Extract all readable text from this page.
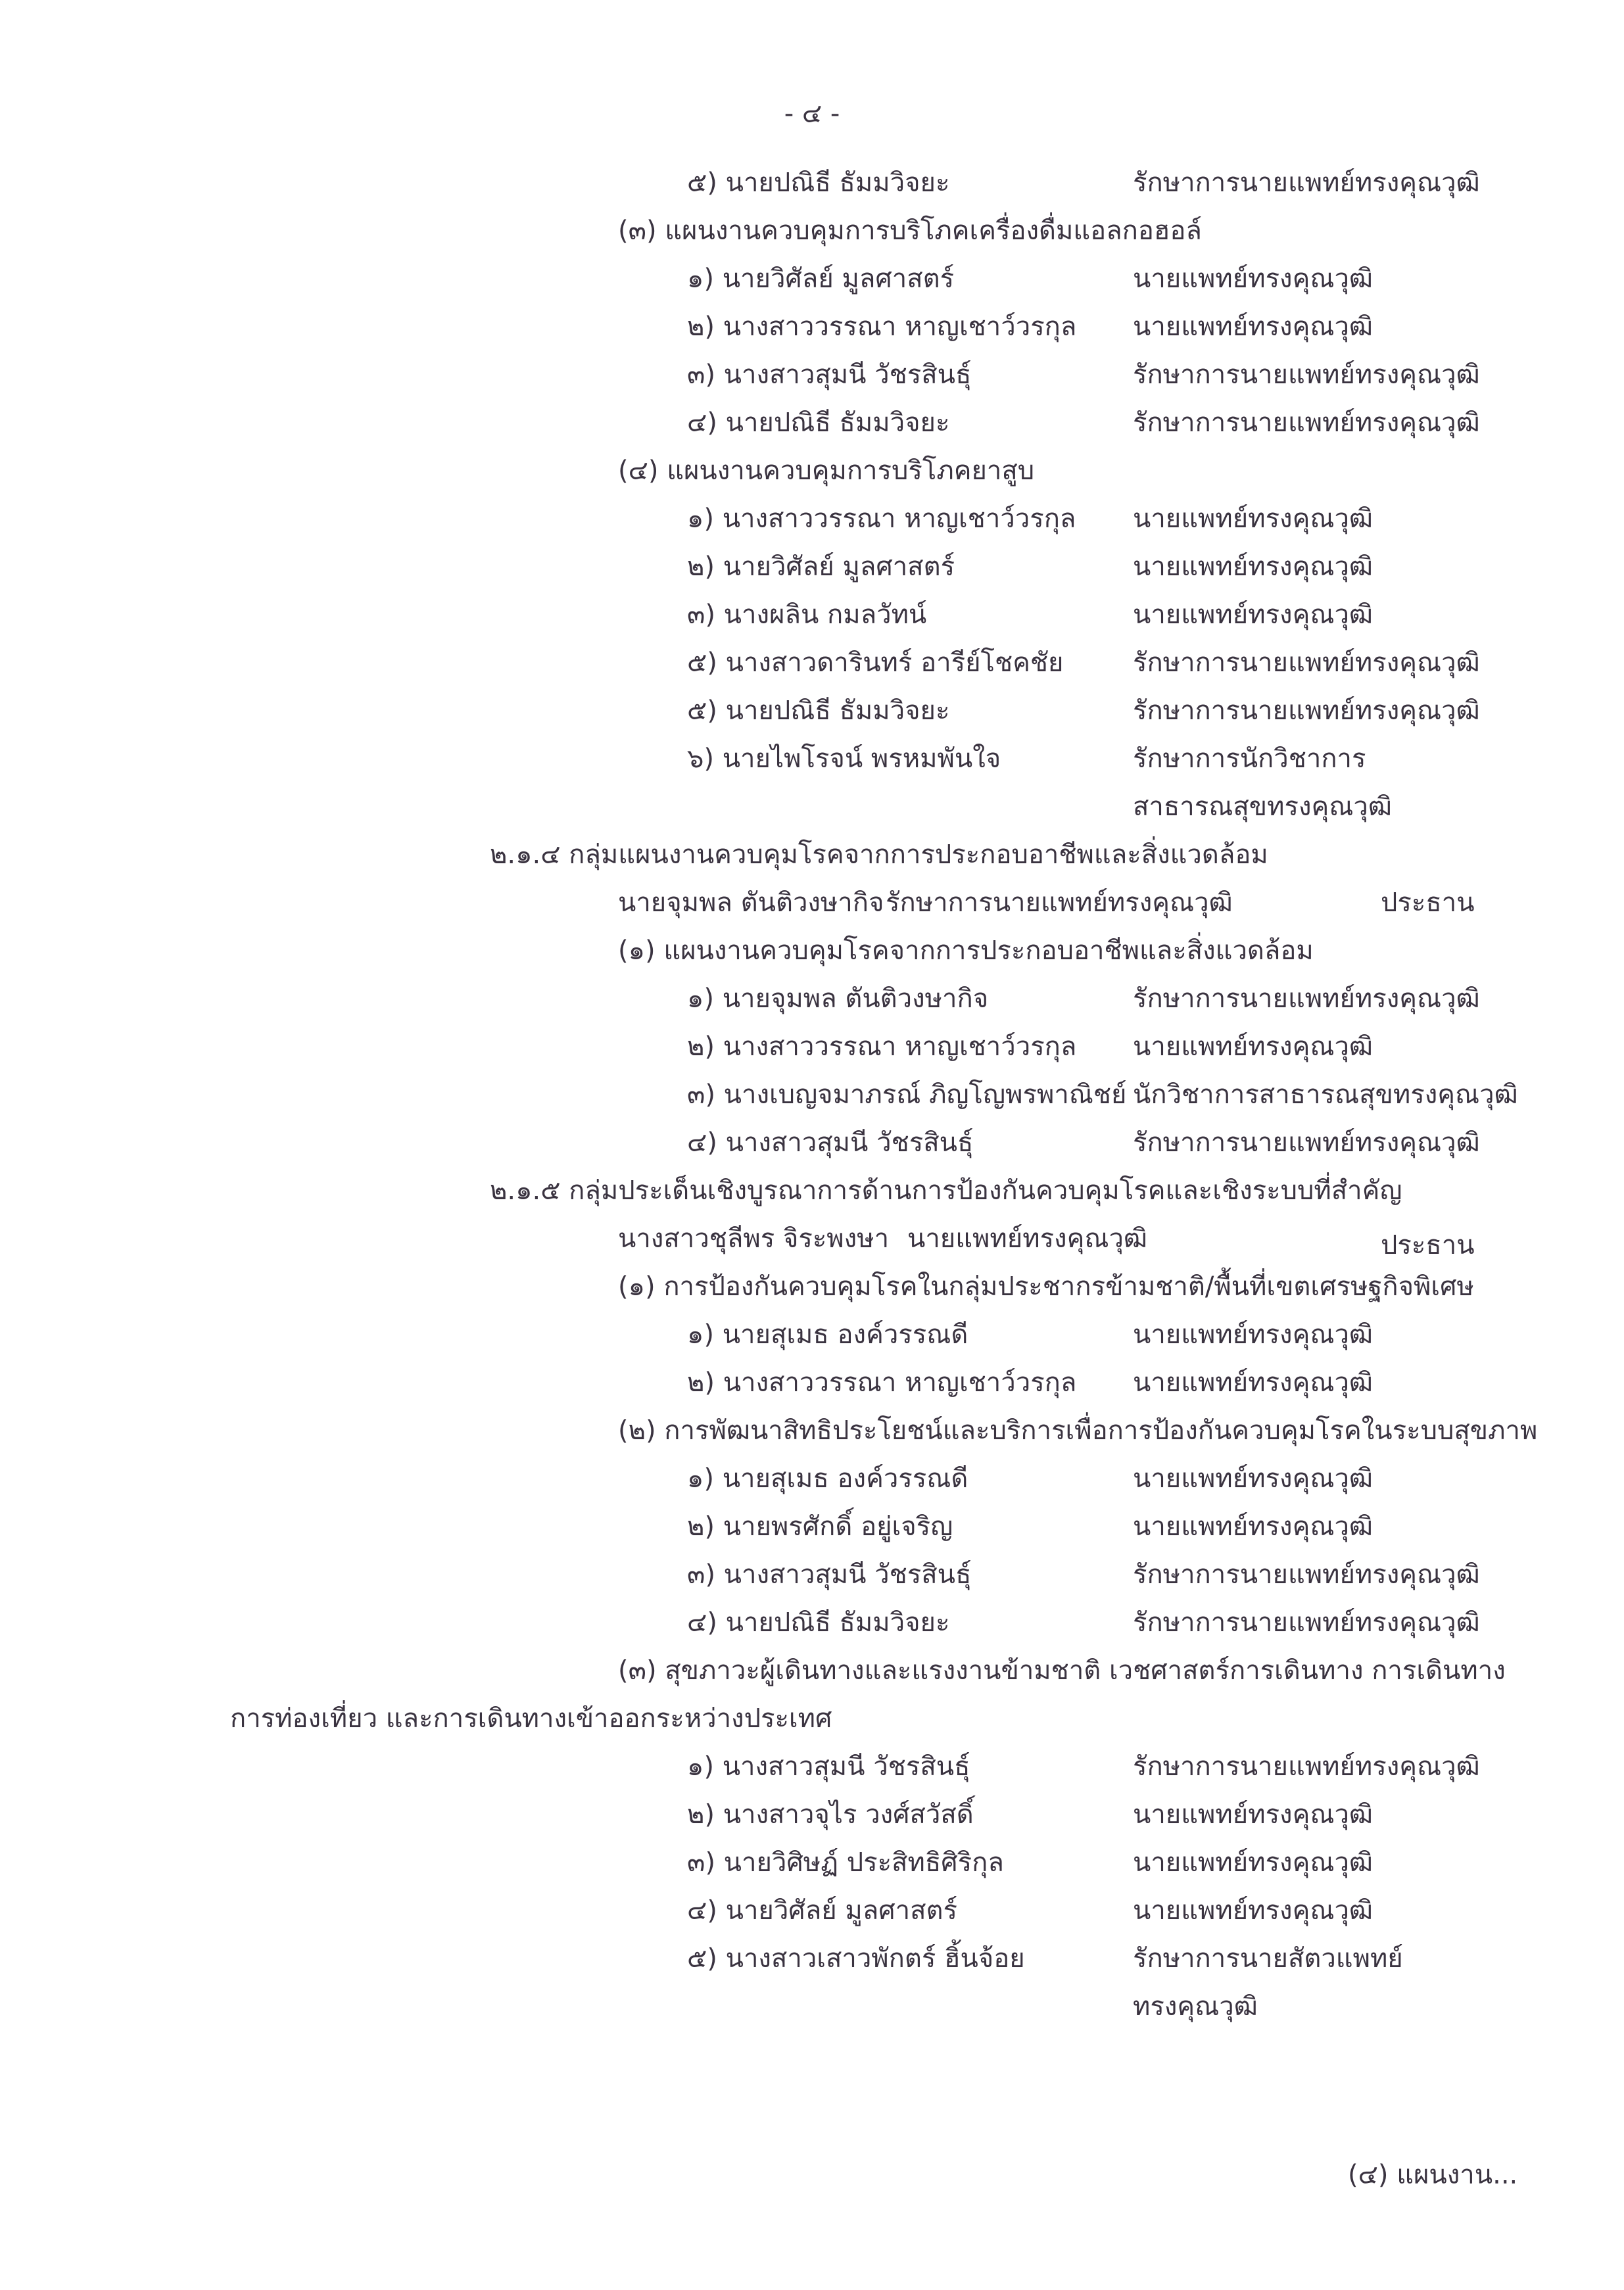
- ๔ -
๕) นายปณิธี ธัมมวิจยะ	รักษาการนายแพทย์ทรงคุณวุฒิ
(๓) แผนงานควบคุมการบริโภคเครื่องดื่มแอลกอฮอล์
๑) นายวิศัลย์ มูลศาสตร์	นายแพทย์ทรงคุณวุฒิ
๒) นางสาววรรณา หาญเชาว์วรกุล นายแพทย์ทรงคุณวุฒิ
๓) นางสาวสุมนี วัชรสินธุ์	รักษาการนายแพทย์ทรงคุณวุฒิ
๔) นายปณิธี ธัมมวิจยะ	รักษาการนายแพทย์ทรงคุณวุฒิ
(๔) แผนงานควบคุมการบริโภคยาสูบ
๑) นางสาววรรณา หาญเชาว์วรกุล นายแพทย์ทรงคุณวุฒิ
๒) นายวิศัลย์ มูลศาสตร์	นายแพทย์ทรงคุณวุฒิ
๓) นางผลิน กมลวัทน์	นายแพทย์ทรงคุณวุฒิ
๕) นางสาวดารินทร์ อารีย์โชคชัย	รักษาการนายแพทย์ทรงคุณวุฒิ
๕) นายปณิธี ธัมมวิจยะ	รักษาการนายแพทย์ทรงคุณวุฒิ
๖) นายไพโรจน์ พรหมพันใจ	รักษาการนักวิชาการ
สาธารณสุขทรงคุณวุฒิ
๒.๑.๔ กลุ่มแผนงานควบคุมโรคจากการประกอบอาชีพและสิ่งแวดล้อม
นายจุมพล ตันติวงษากิจ รักษาการนายแพทย์ทรงคุณวุฒิ	ประธาน
(๑) แผนงานควบคุมโรคจากการประกอบอาชีพและสิ่งแวดล้อม
๑) นายจุมพล ตันติวงษากิจ	รักษาการนายแพทย์ทรงคุณวุฒิ
๒) นางสาววรรณา หาญเชาว์วรกุล นายแพทย์ทรงคุณวุฒิ
๓) นางเบญจมาภรณ์ ภิญโญพรพาณิชย์ นักวิชาการสาธารณสุขทรงคุณวุฒิ
๔) นางสาวสุมนี วัชรสินธุ์	รักษาการนายแพทย์ทรงคุณวุฒิ
๒.๑.๕ กลุ่มประเด็นเชิงบูรณาการด้านการป้องกันควบคุมโรคและเชิงระบบที่สำคัญ
นางสาวชุลีพร จิระพงษา นายแพทย์ทรงคุณวุฒิ	ประธาน
(๑) การป้องกันควบคุมโรคในกลุ่มประชากรข้ามชาติ/พื้นที่เขตเศรษฐกิจพิเศษ
๑) นายสุเมธ องค์วรรณดี	นายแพทย์ทรงคุณวุฒิ
๒) นางสาววรรณา หาญเชาว์วรกุล นายแพทย์ทรงคุณวุฒิ
(๒) การพัฒนาสิทธิประโยชน์และบริการเพื่อการป้องกันควบคุมโรคในระบบสุขภาพ
๑) นายสุเมธ องค์วรรณดี	นายแพทย์ทรงคุณวุฒิ
๒) นายพรศักดิ์ อยู่เจริญ	นายแพทย์ทรงคุณวุฒิ
๓) นางสาวสุมนี วัชรสินธุ์	รักษาการนายแพทย์ทรงคุณวุฒิ
๔) นายปณิธี ธัมมวิจยะ	รักษาการนายแพทย์ทรงคุณวุฒิ
(๓) สุขภาวะผู้เดินทางและแรงงานข้ามชาติ เวชศาสตร์การเดินทาง การเดินทาง
การท่องเที่ยว และการเดินทางเข้าออกระหว่างประเทศ
๑) นางสาวสุมนี วัชรสินธุ์	รักษาการนายแพทย์ทรงคุณวุฒิ
๒) นางสาวจุไร วงศ์สวัสดิ์	นายแพทย์ทรงคุณวุฒิ
๓) นายวิศิษฏ์ ประสิทธิศิริกุล	นายแพทย์ทรงคุณวุฒิ
๔) นายวิศัลย์ มูลศาสตร์	นายแพทย์ทรงคุณวุฒิ
๕) นางสาวเสาวพักตร์ ฮิ้นจ้อย	รักษาการนายสัตวแพทย์
ทรงคุณวุฒิ
(๔) แผนงาน...
